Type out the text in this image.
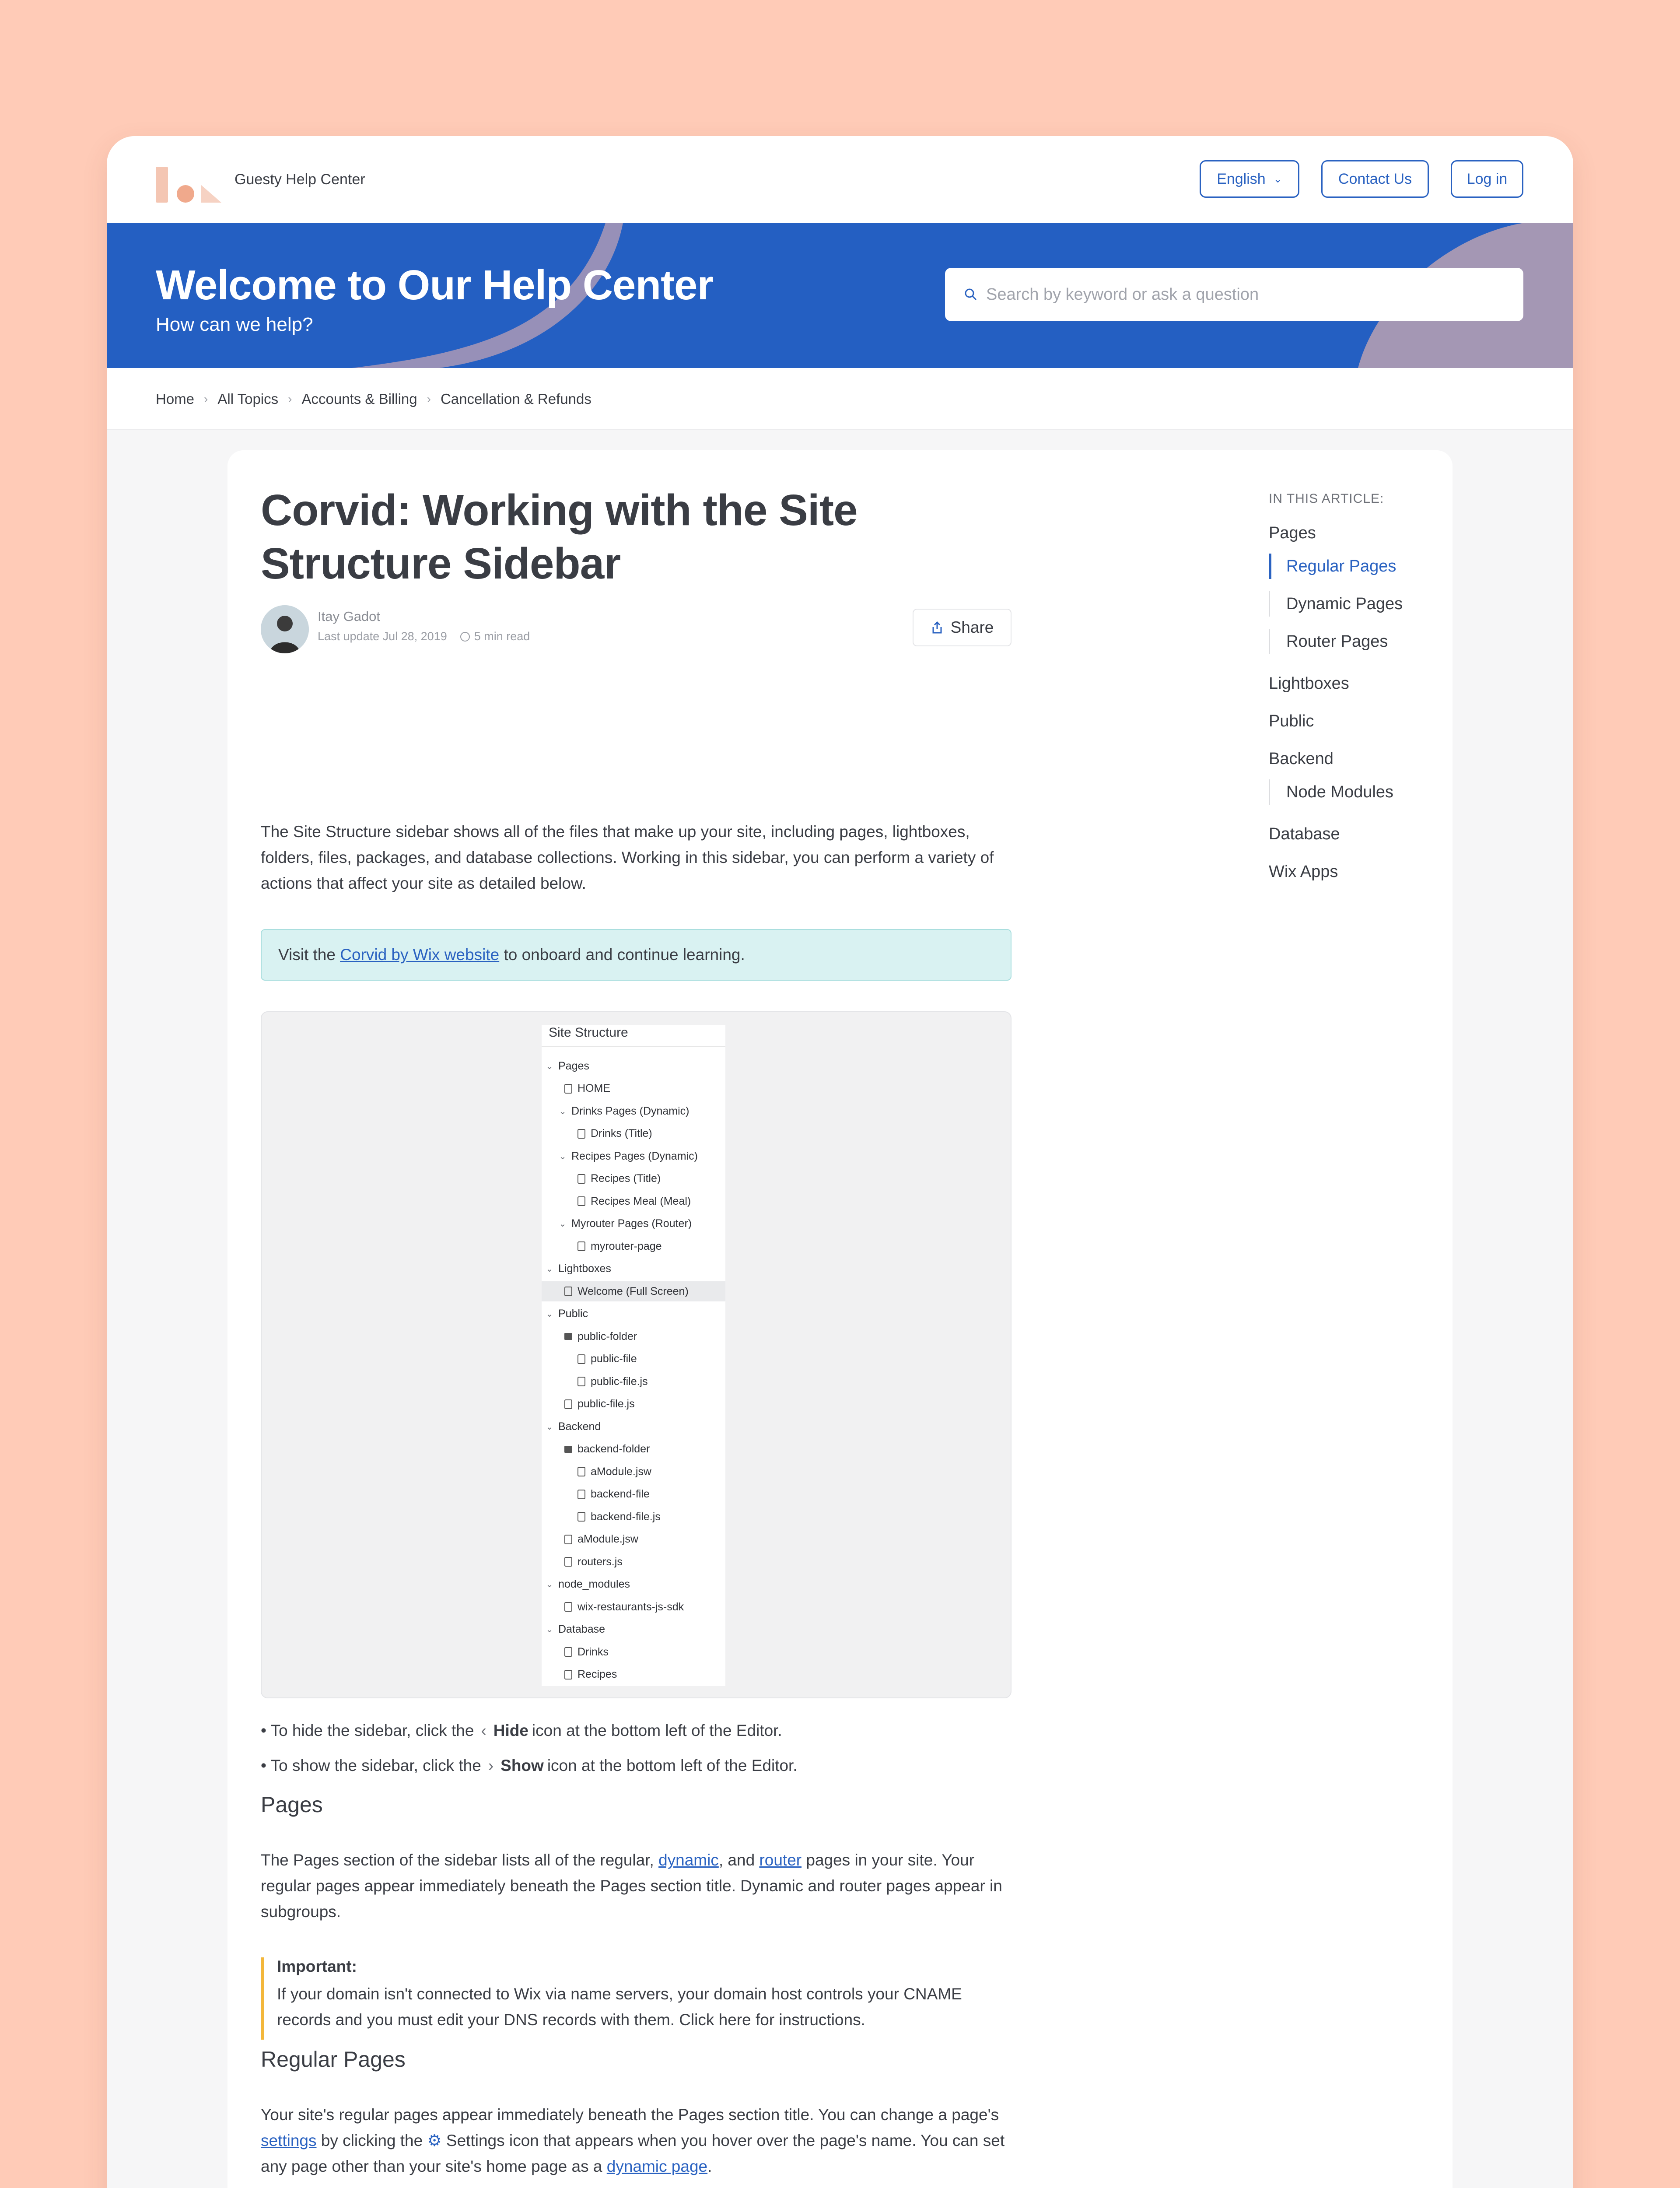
Guesty Help Center	English ⌄	Contact Us	Log in
Welcome to Our Help Center
How can we help?
Search by keyword or ask a question
Home › All Topics › Accounts & Billing › Cancellation & Refunds
Corvid: Working with the Site Structure Sidebar
Itay Gadot
Last update Jul 28, 2019 5 min read	Share

The Site Structure sidebar shows all of the files that make up your site, including pages, lightboxes, folders, files, packages, and database collections. Working in this sidebar, you can perform a variety of actions that affect your site as detailed below.

Visit the Corvid by Wix website to onboard and continue learning.
Site Structure
⌄ Pages
HOME
⌄ Drinks Pages (Dynamic)
Drinks (Title)
⌄ Recipes Pages (Dynamic)
Recipes (Title)
Recipes Meal (Meal)
⌄ Myrouter Pages (Router)
myrouter-page
⌄ Lightboxes
Welcome (Full Screen)
⌄ Public
public-folder
public-file
public-file.js
public-file.js
⌄ Backend
backend-folder
aModule.jsw
backend-file
backend-file.js
aModule.jsw
routers.js
⌄ node_modules
wix-restaurants-js-sdk
⌄ Database
Drinks
Recipes
• To hide the sidebar, click the ‹ Hide icon at the bottom left of the Editor.
• To show the sidebar, click the › Show icon at the bottom left of the Editor.
Pages

The Pages section of the sidebar lists all of the regular, dynamic, and router pages in your site. Your regular pages appear immediately beneath the Pages section title. Dynamic and router pages appear in subgroups.

Important:
If your domain isn't connected to Wix via name servers, your domain host controls your CNAME records and you must edit your DNS records with them. Click here for instructions.
Regular Pages

Your site's regular pages appear immediately beneath the Pages section title. You can change a page's settings by clicking the ⚙ Settings icon that appears when you hover over the page's name. You can set any page other than your site's home page as a dynamic page.

IN THIS ARTICLE:
Pages
Regular Pages
Dynamic Pages
Router Pages
Lightboxes
Public
Backend
Node Modules
Database
Wix Apps
